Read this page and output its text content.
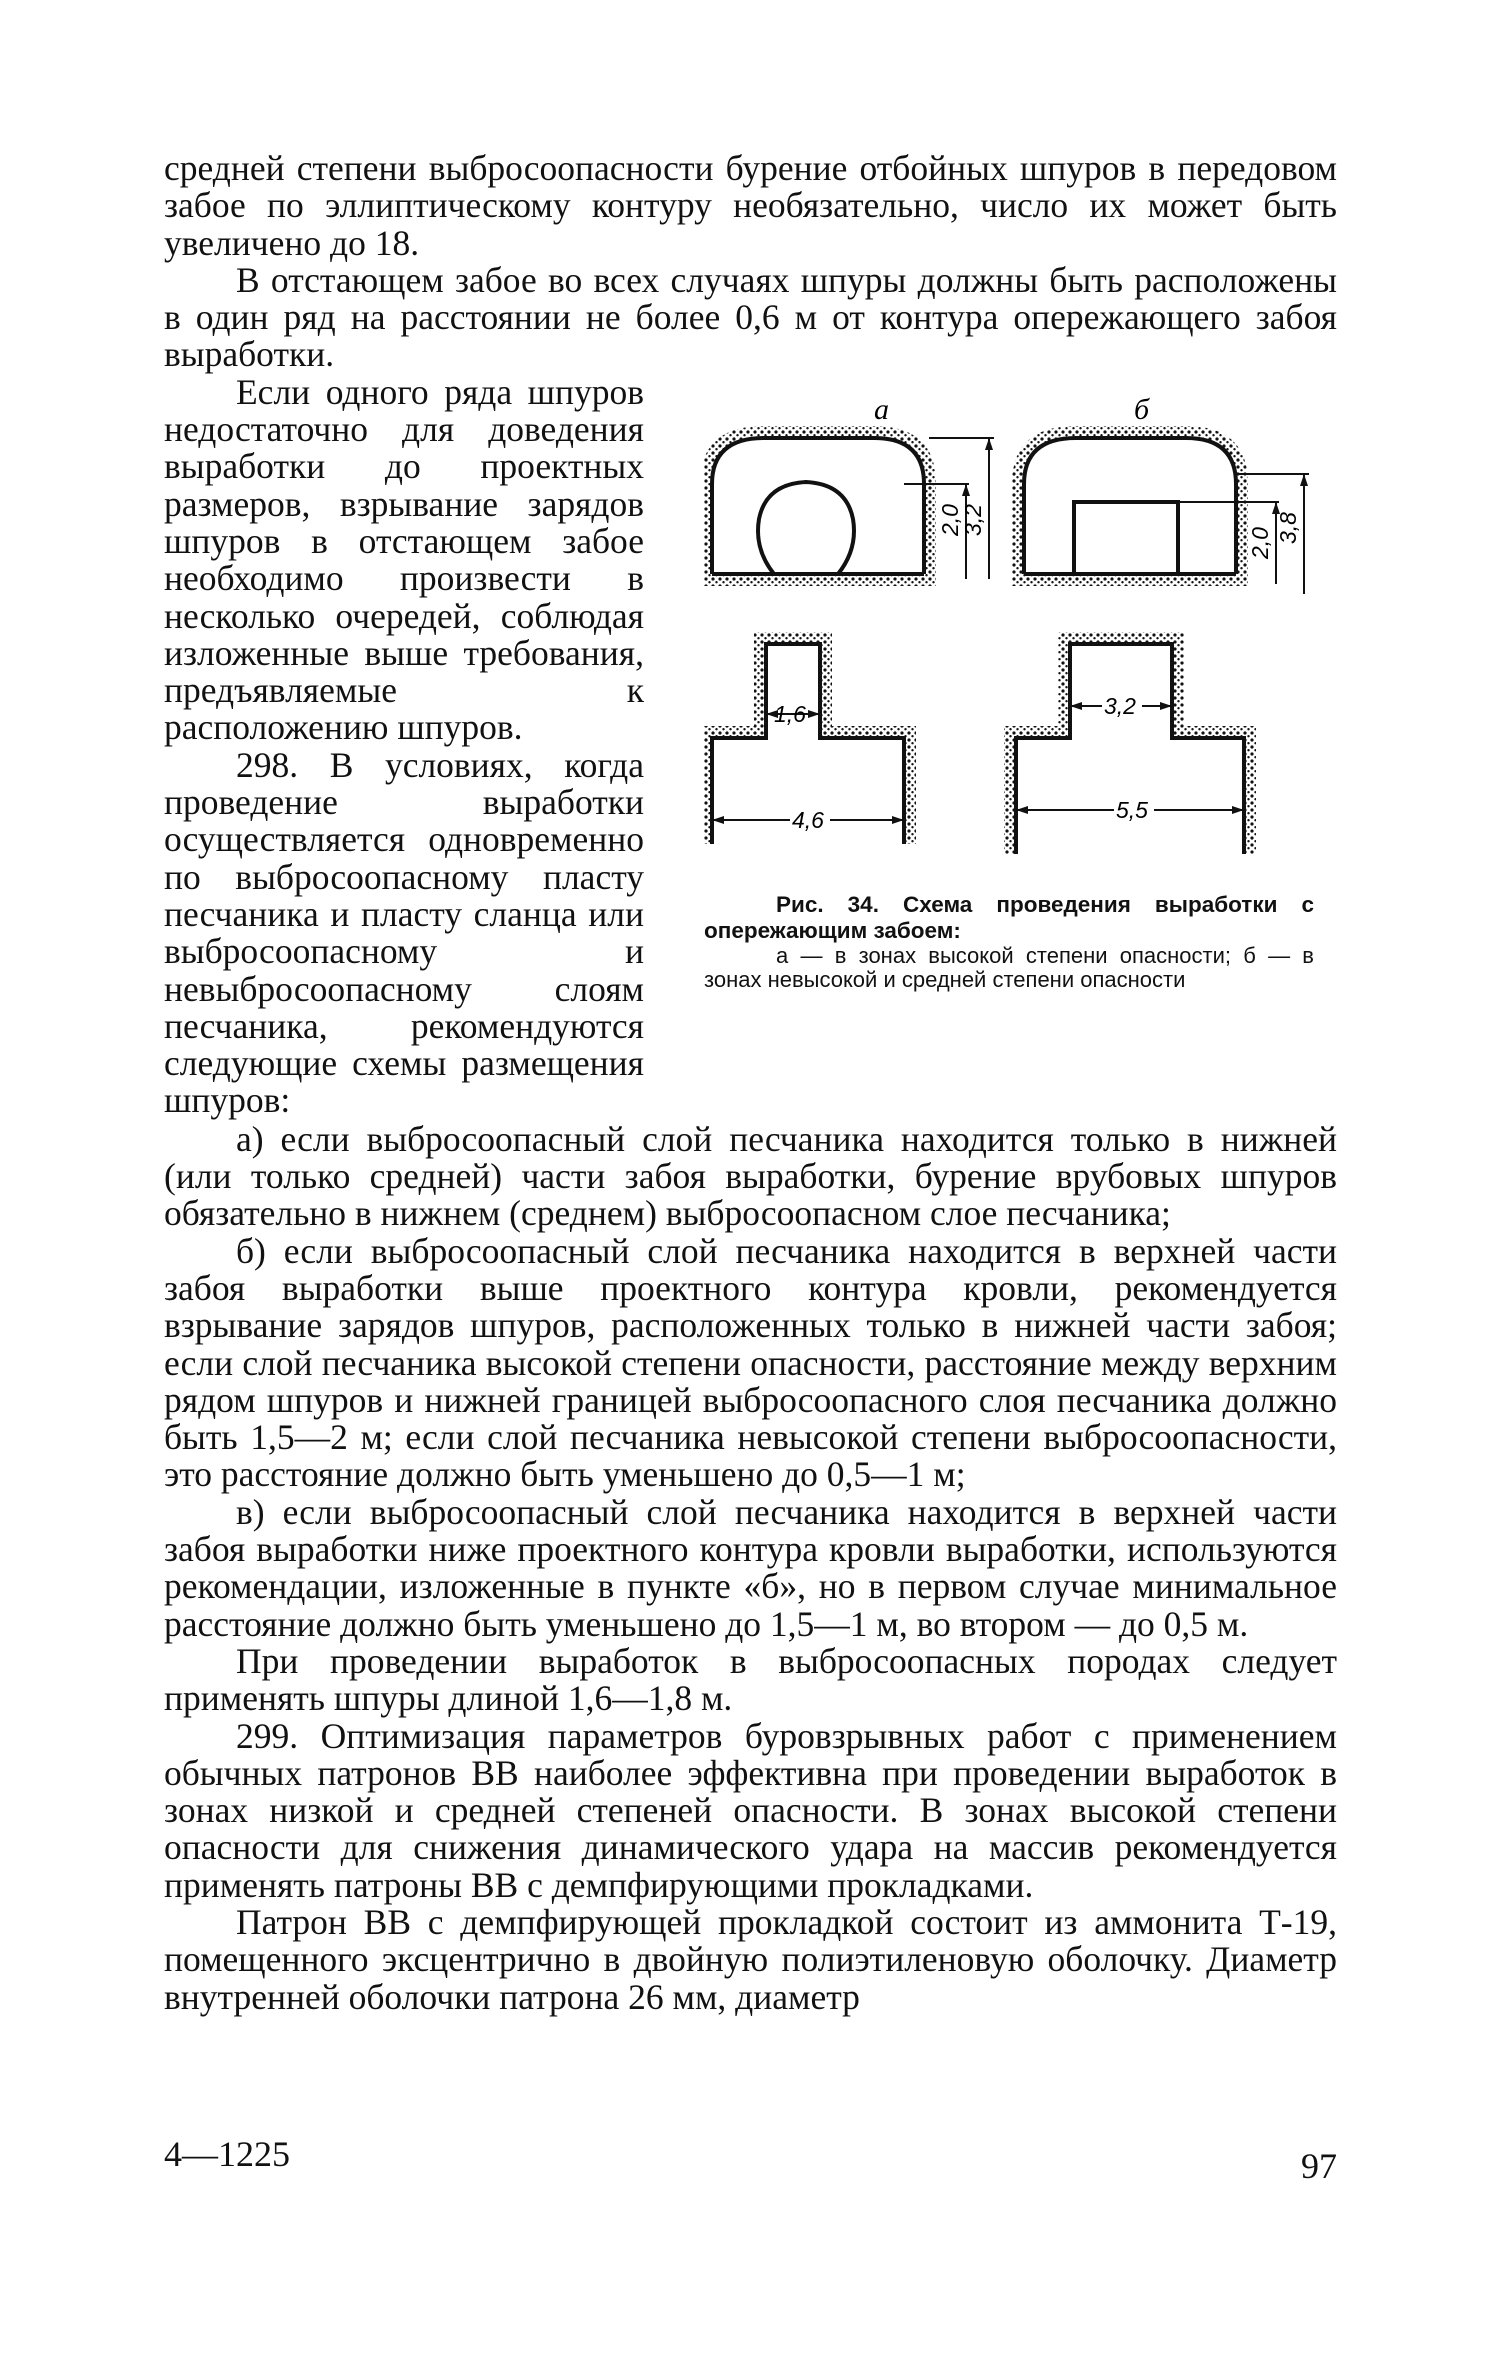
средней степени выбросоопасности бурение отбойных шпуров в передовом забое по эллиптическому контуру необязательно, число их может быть увеличено до 18.

В отстающем забое во всех случаях шпуры должны быть расположены в один ряд на расстоянии не более 0,6 м от контура опережающего забоя выработки.

Если одного ряда шпуров недостаточно для доведения выработки до проектных размеров, взрывание зарядов шпуров в отстающем забое необходимо произвести в несколько очередей, соблюдая изложенные выше требования, предъявляемые к расположению шпуров.

298. В условиях, когда проведение выработки осуществляется одновременно по выбросоопасному пласту песчаника и пласту сланца или выбросоопасному и невыбросоопасному слоям песчаника, рекомендуются следующие схемы размещения шпуров:

а	б
2,0
3,2
2,0 3,8
1,6
4,6
3,2
5,5

Рис. 34. Схема проведения выработки с опережающим забоем:

а — в зонах высокой степени опасности; б — в зонах невысокой и средней степени опасности

а) если выбросоопасный слой песчаника находится только в нижней (или только средней) части забоя выработки, бурение врубовых шпуров обязательно в нижнем (среднем) выбросоопасном слое песчаника;

б) если выбросоопасный слой песчаника находится в верхней части забоя выработки выше проектного контура кровли, рекомендуется взрывание зарядов шпуров, расположенных только в нижней части забоя; если слой песчаника высокой степени опасности, расстояние между верхним рядом шпуров и нижней границей выбросоопасного слоя песчаника должно быть 1,5—2 м; если слой песчаника невысокой степени выбросоопасности, это расстояние должно быть уменьшено до 0,5—1 м;

в) если выбросоопасный слой песчаника находится в верхней части забоя выработки ниже проектного контура кровли выработки, используются рекомендации, изложенные в пункте «б», но в первом случае минимальное расстояние должно быть уменьшено до 1,5—1 м, во втором — до 0,5 м.

При проведении выработок в выбросоопасных породах следует применять шпуры длиной 1,6—1,8 м.

299. Оптимизация параметров буровзрывных работ с применением обычных патронов ВВ наиболее эффективна при проведении выработок в зонах низкой и средней степеней опасности. В зонах высокой степени опасности для снижения динамического удара на массив рекомендуется применять патроны ВВ с демпфирующими прокладками.

Патрон ВВ с демпфирующей прокладкой состоит из аммонита Т-19, помещенного эксцентрично в двойную полиэтиленовую оболочку. Диаметр внутренней оболочки патрона 26 мм, диаметр

4—1225	97
